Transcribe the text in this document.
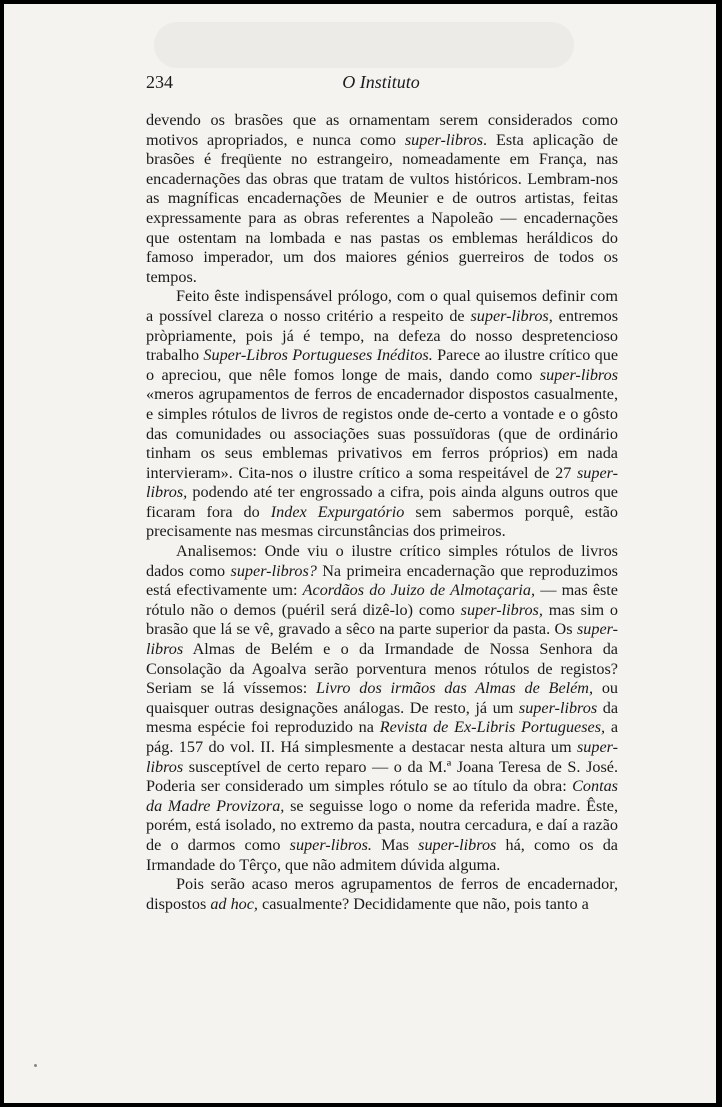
234	O Instituto

devendo os brasões que as ornamentam serem considerados como motivos apropriados, e nunca como super-libros. Esta aplicação de brasões é freqüente no estrangeiro, nomeadamente em França, nas encadernações das obras que tratam de vultos históricos. Lembram-nos as magníficas encadernações de Meunier e de outros artistas, feitas expressamente para as obras referentes a Napoleão — encadernações que ostentam na lombada e nas pastas os emblemas heráldicos do famoso imperador, um dos maiores génios guerreiros de todos os tempos.

Feito êste indispensável prólogo, com o qual quisemos definir com a possível clareza o nosso critério a respeito de super-libros, entremos pròpriamente, pois já é tempo, na defeza do nosso despretencioso trabalho Super-Libros Portugueses Inéditos. Parece ao ilustre crítico que o apreciou, que nêle fomos longe de mais, dando como super-libros «meros agrupamentos de ferros de encadernador dispostos casualmente, e simples rótulos de livros de registos onde de-certo a vontade e o gôsto das comunidades ou associações suas possuïdoras (que de ordinário tinham os seus emblemas privativos em ferros próprios) em nada intervieram». Cita-nos o ilustre crítico a soma respeitável de 27 super-libros, podendo até ter engrossado a cifra, pois ainda alguns outros que ficaram fora do Index Expurgatório sem sabermos porquê, estão precisamente nas mesmas circunstâncias dos primeiros.

Analisemos: Onde viu o ilustre crítico simples rótulos de livros dados como super-libros? Na primeira encadernação que reproduzimos está efectivamente um: Acordãos do Juizo de Almotaçaria, — mas êste rótulo não o demos (puéril será dizê-lo) como super-libros, mas sim o brasão que lá se vê, gravado a sêco na parte superior da pasta. Os super-libros Almas de Belém e o da Irmandade de Nossa Senhora da Consolação da Agoalva serão porventura menos rótulos de registos? Seriam se lá víssemos: Livro dos irmãos das Almas de Belém, ou quaisquer outras designações análogas. De resto, já um super-libros da mesma espécie foi reproduzido na Revista de Ex-Libris Portugueses, a pág. 157 do vol. II. Há simplesmente a destacar nesta altura um super-libros susceptível de certo reparo — o da M.ª Joana Teresa de S. José. Poderia ser considerado um simples rótulo se ao título da obra: Contas da Madre Provizora, se seguisse logo o nome da referida madre. Êste, porém, está isolado, no extremo da pasta, noutra cercadura, e daí a razão de o darmos como super-libros. Mas super-libros há, como os da Irmandade do Têrço, que não admitem dúvida alguma.

Pois serão acaso meros agrupamentos de ferros de encadernador, dispostos ad hoc, casualmente? Decididamente que não, pois tanto a
